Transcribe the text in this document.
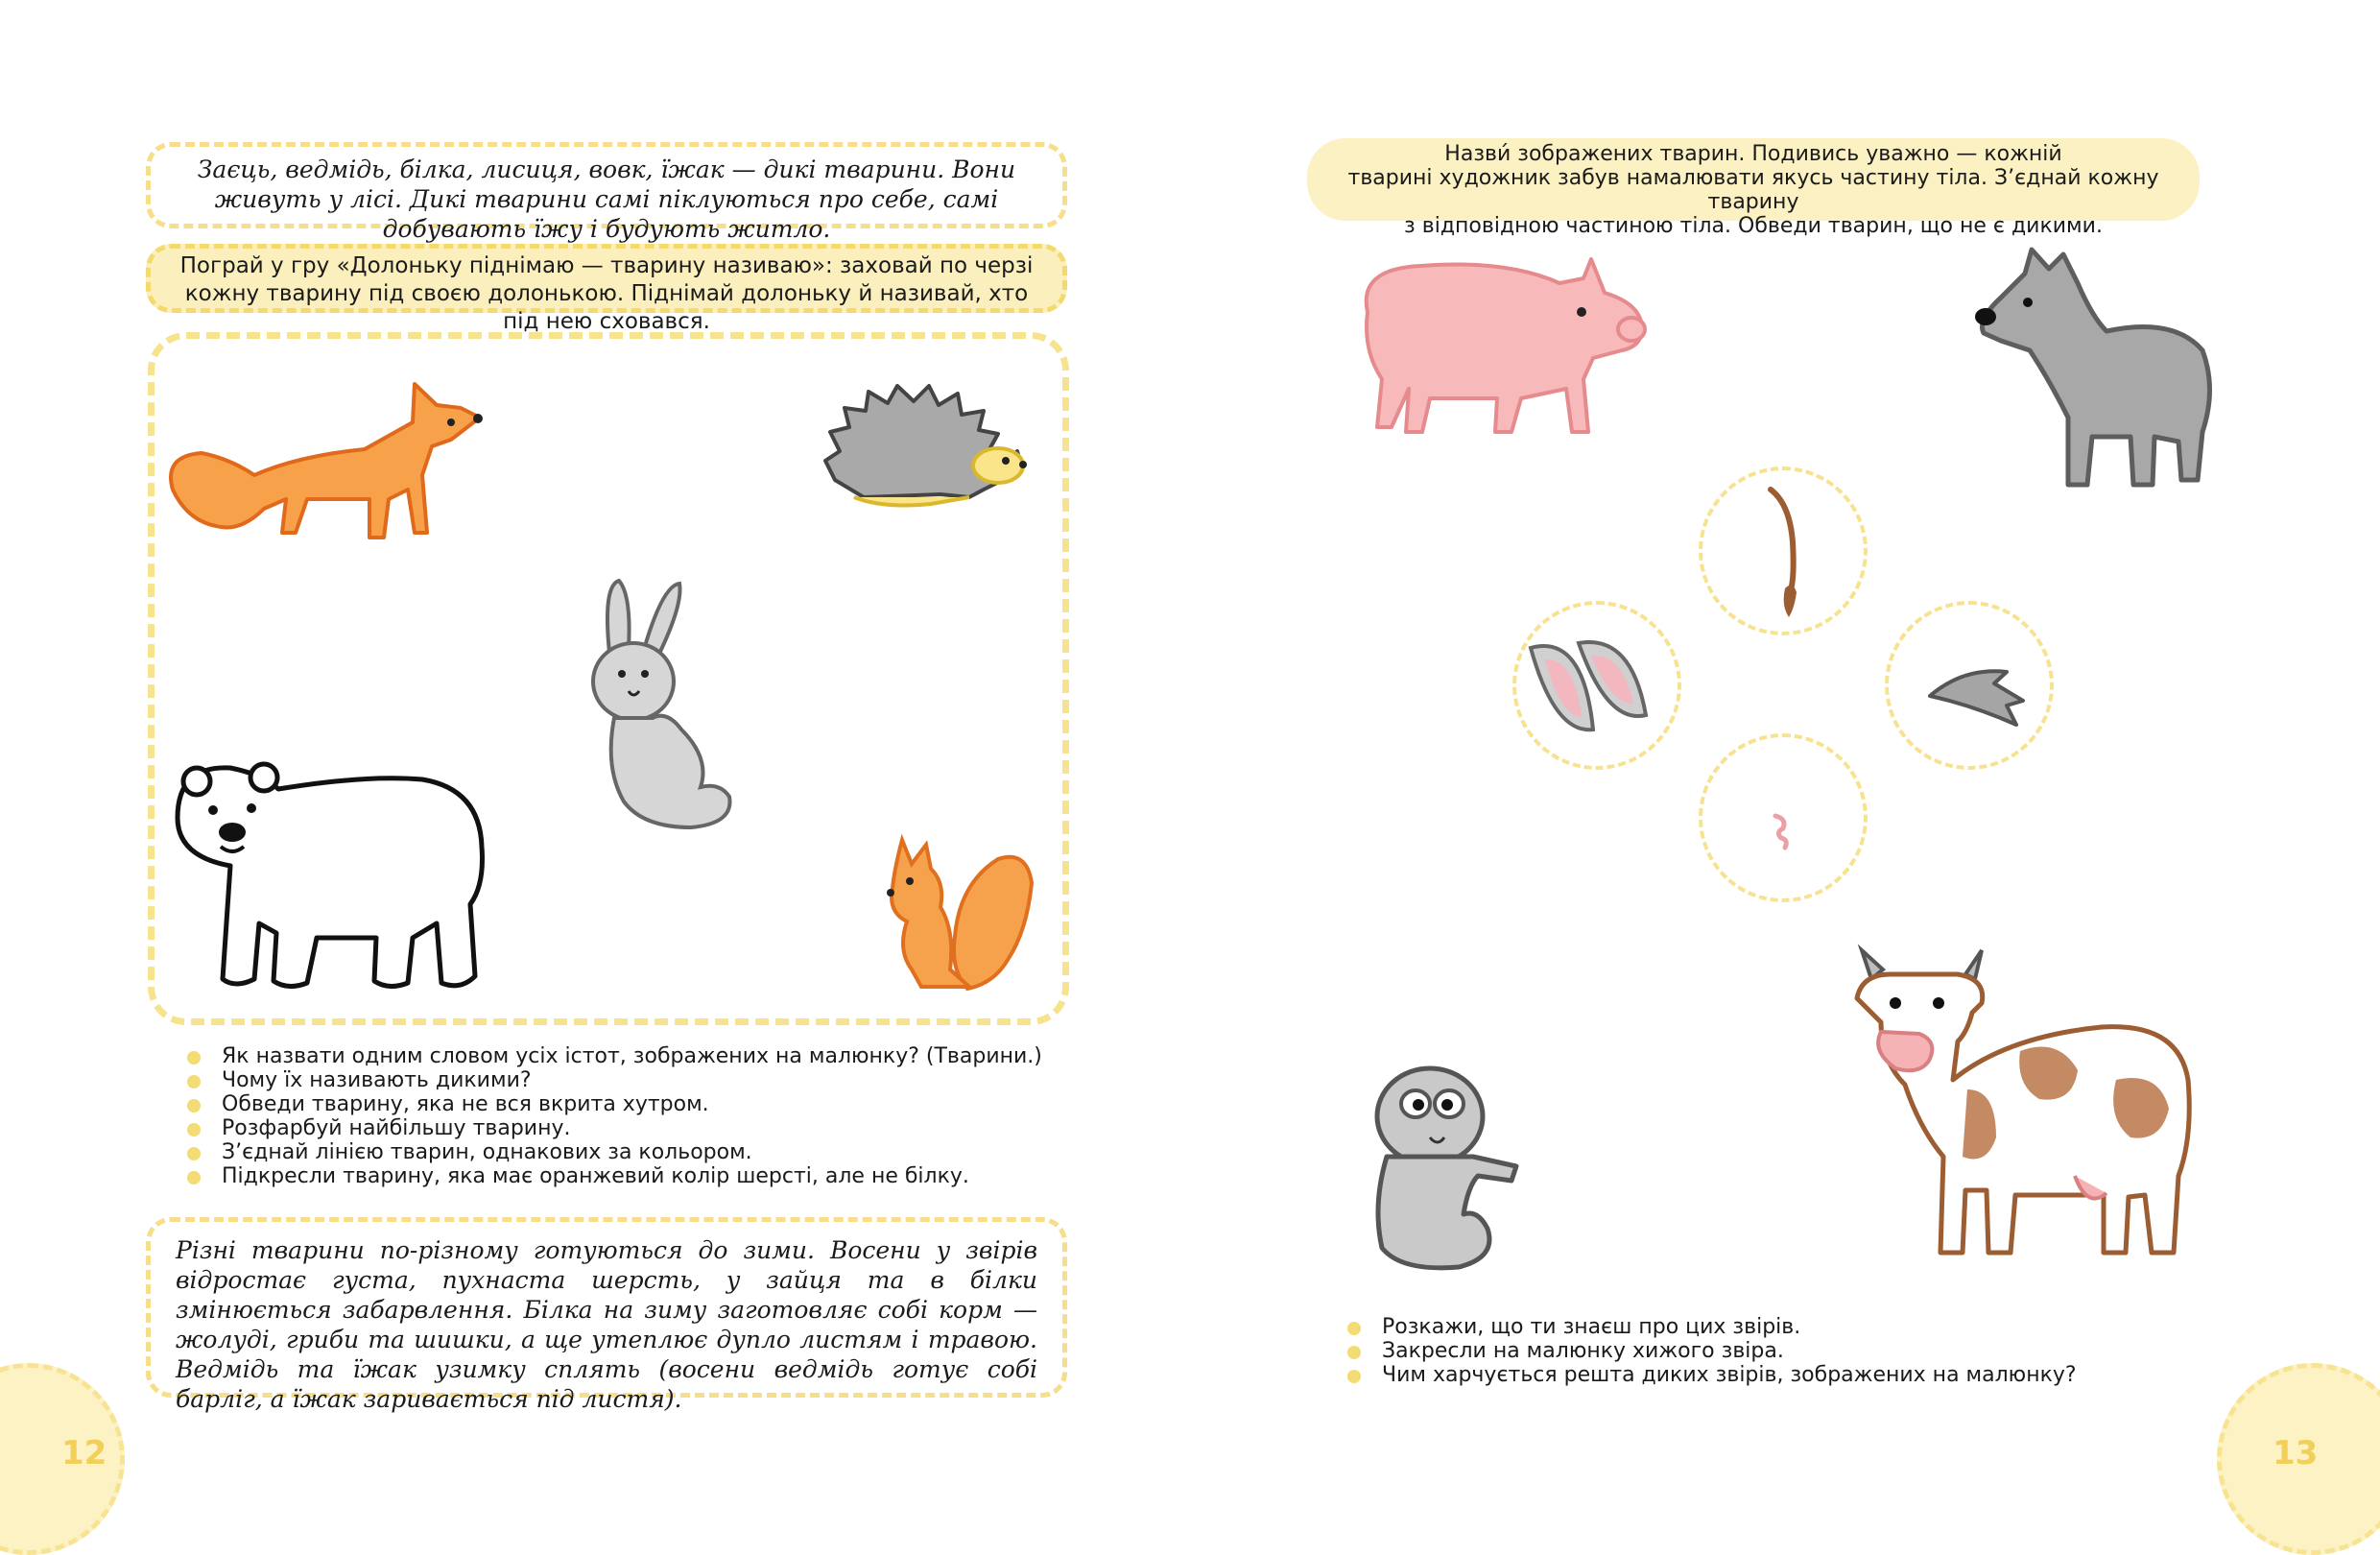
Заєць, ведмідь, білка, лисиця, вовк, їжак — дикі тварини. Вони живуть у лісі. Дикі тварини самі піклуються про себе, самі добувають їжу і будують житло.
Пограй у гру «Долоньку піднімаю — тварину називаю»: заховай по черзі кожну тварину під своєю долонькою. Піднімай долоньку й називай, хто під нею сховався.
Як назвати одним словом усіх істот, зображених на малюнку? (Тварини.)
Чому їх називають дикими?
Обведи тварину, яка не вся вкрита хутром.
Розфарбуй найбільшу тварину.
З’єднай лінією тварин, однакових за кольором.
Підкресли тварину, яка має оранжевий колір шерсті, але не білку.
Різні тварини по-різному готуються до зими. Восени у звірів відростає густа, пухнаста шерсть, у зайця та в білки змінюється забарвлення. Білка на зиму заготовляє собі корм — жолуді, гриби та шишки, а ще утеплює дупло листям і травою. Ведмідь та їжак узимку сплять (восени ведмідь готує собі барліг, а їжак заривається під листя).
12
Назви́ зображених тварин. Подивись уважно — кожній
тварині художник забув намалювати якусь частину тіла. З’єднай кожну тварину
з відповідною частиною тіла. Обведи тварин, що не є дикими.
Розкажи, що ти знаєш про цих звірів.
Закресли на малюнку хижого звіра.
Чим харчується решта диких звірів, зображених на малюнку?
13
